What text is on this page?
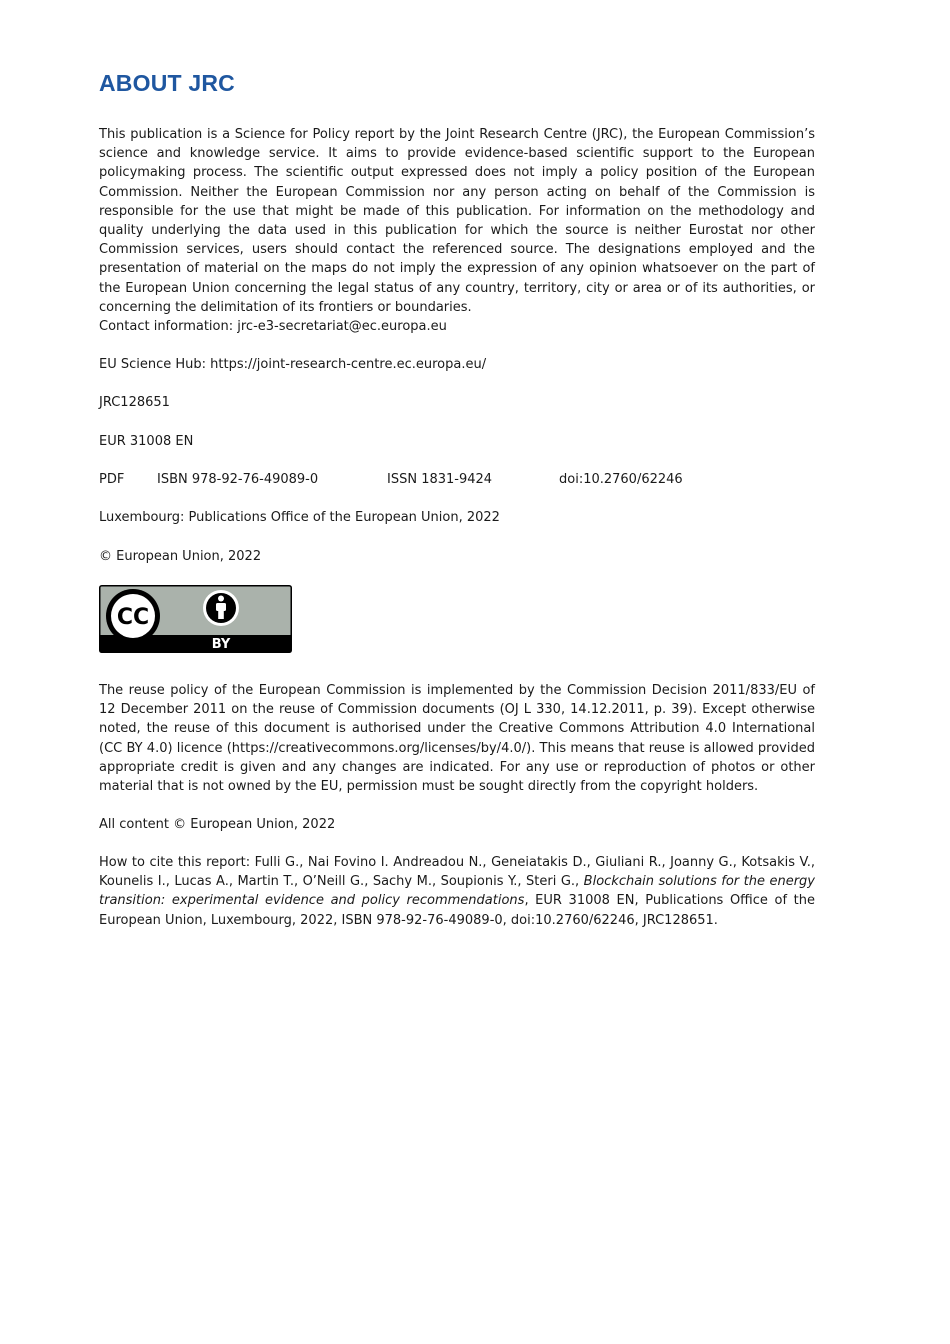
ABOUT JRC

This publication is a Science for Policy report by the Joint Research Centre (JRC), the European Commission’s science and knowledge service. It aims to provide evidence-based scientific support to the European policymaking process. The scientific output expressed does not imply a policy position of the European Commission. Neither the European Commission nor any person acting on behalf of the Commission is responsible for the use that might be made of this publication. For information on the methodology and quality underlying the data used in this publication for which the source is neither Eurostat nor other Commission services, users should contact the referenced source. The designations employed and the presentation of material on the maps do not imply the expression of any opinion whatsoever on the part of the European Union concerning the legal status of any country, territory, city or area or of its authorities, or concerning the delimitation of its frontiers or boundaries.

Contact information: jrc-e3-secretariat@ec.europa.eu

EU Science Hub: https://joint-research-centre.ec.europa.eu/

JRC128651

EUR 31008 EN

PDF	ISBN 978-92-76-49089-0	ISSN 1831-9424	doi:10.2760/62246

Luxembourg: Publications Office of the European Union, 2022

© European Union, 2022

CC
BY

The reuse policy of the European Commission is implemented by the Commission Decision 2011/833/EU of 12 December 2011 on the reuse of Commission documents (OJ L 330, 14.12.2011, p. 39). Except otherwise noted, the reuse of this document is authorised under the Creative Commons Attribution 4.0 International (CC BY 4.0) licence (https://creativecommons.org/licenses/by/4.0/). This means that reuse is allowed provided appropriate credit is given and any changes are indicated. For any use or reproduction of photos or other material that is not owned by the EU, permission must be sought directly from the copyright holders.

All content © European Union, 2022

How to cite this report: Fulli G., Nai Fovino I. Andreadou N., Geneiatakis D., Giuliani R., Joanny G., Kotsakis V., Kounelis I., Lucas A., Martin T., O’Neill G., Sachy M., Soupionis Y., Steri G., Blockchain solutions for the energy transition: experimental evidence and policy recommendations, EUR 31008 EN, Publications Office of the European Union, Luxembourg, 2022, ISBN 978-92-76-49089-0, doi:10.2760/62246, JRC128651.
